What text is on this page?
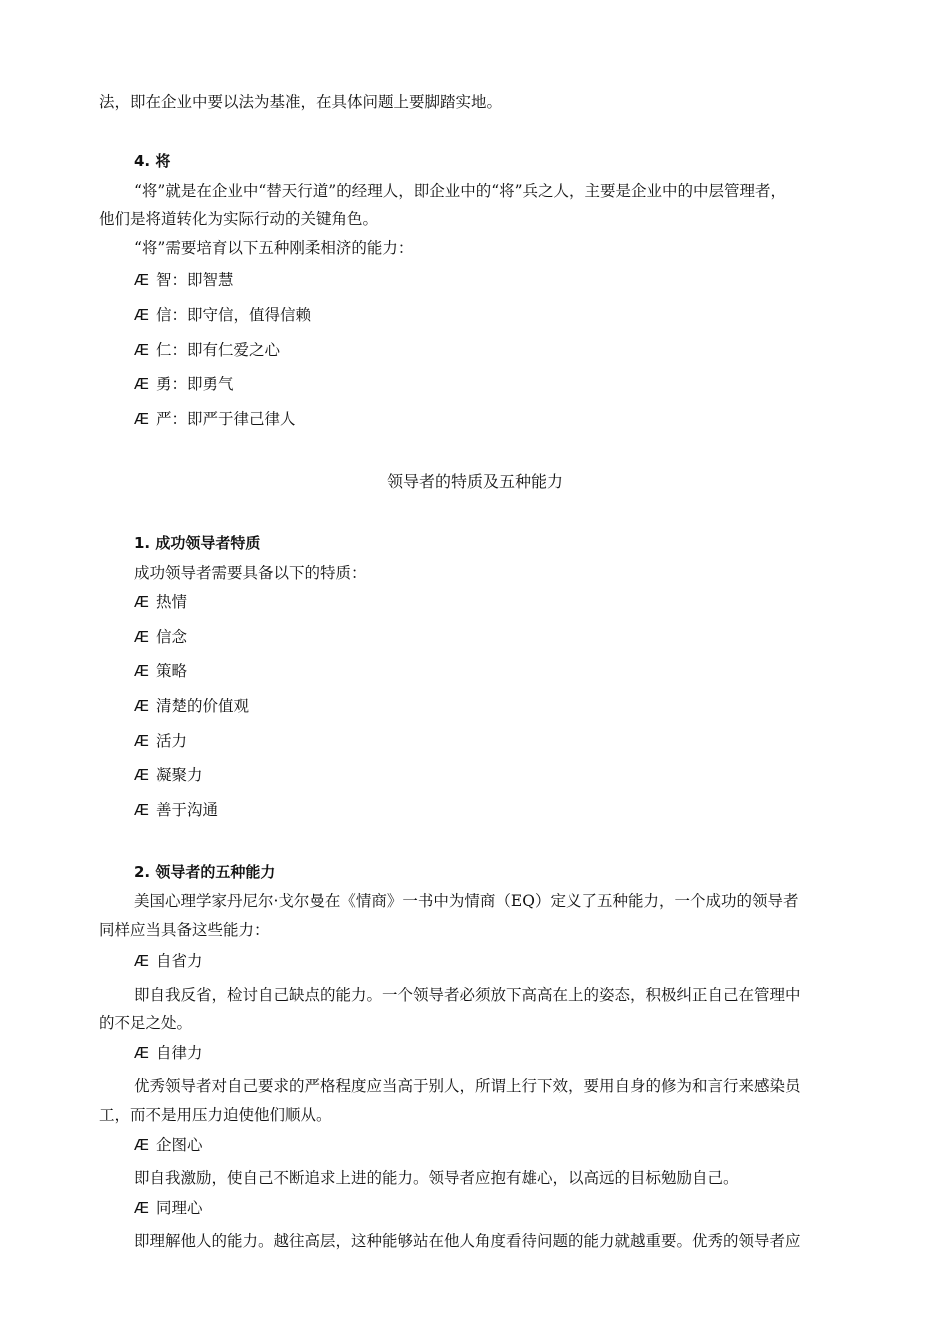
法，即在企业中要以法为基准，在具体问题上要脚踏实地。
4. 将
“将”就是在企业中“替天行道”的经理人，即企业中的“将”兵之人，主要是企业中的中层管理者，
他们是将道转化为实际行动的关键角色。
“将”需要培育以下五种刚柔相济的能力：
Æ 智：即智慧
Æ 信：即守信，值得信赖
Æ 仁：即有仁爱之心
Æ 勇：即勇气
Æ 严：即严于律己律人
领导者的特质及五种能力
1. 成功领导者特质
成功领导者需要具备以下的特质：
Æ 热情
Æ 信念
Æ 策略
Æ 清楚的价值观
Æ 活力
Æ 凝聚力
Æ 善于沟通
2. 领导者的五种能力
美国心理学家丹尼尔·戈尔曼在《情商》一书中为情商（EQ）定义了五种能力，一个成功的领导者
同样应当具备这些能力：
Æ 自省力
即自我反省，检讨自己缺点的能力。一个领导者必须放下高高在上的姿态，积极纠正自己在管理中
的不足之处。
Æ 自律力
优秀领导者对自己要求的严格程度应当高于别人，所谓上行下效，要用自身的修为和言行来感染员
工，而不是用压力迫使他们顺从。
Æ 企图心
即自我激励，使自己不断追求上进的能力。领导者应抱有雄心，以高远的目标勉励自己。
Æ 同理心
即理解他人的能力。越往高层，这种能够站在他人角度看待问题的能力就越重要。优秀的领导者应
